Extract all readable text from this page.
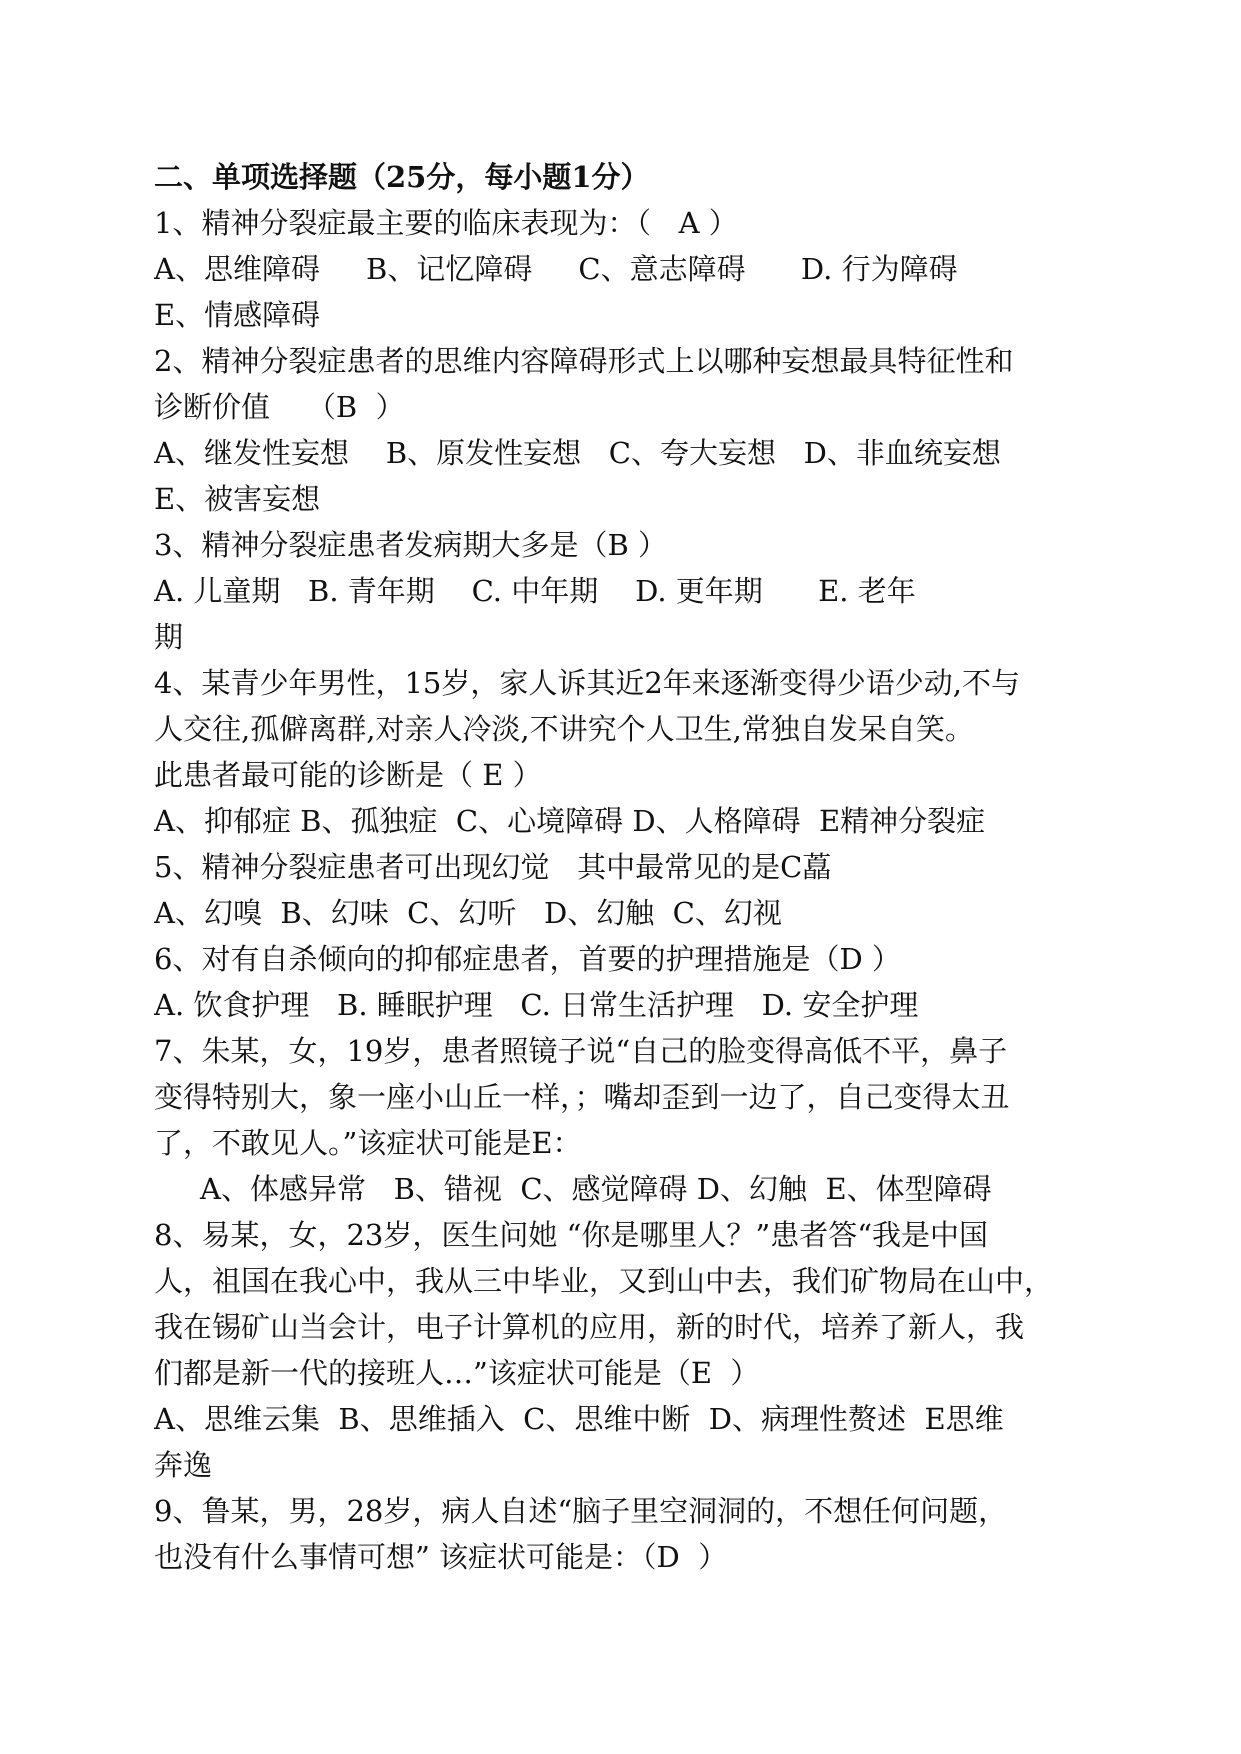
二、单项选择题（25分，每小题1分）
1、精神分裂症最主要的临床表现为：（   A ）
A、思维障碍     B、记忆障碍     C、意志障碍      D. 行为障碍
E、情感障碍
2、精神分裂症患者的思维内容障碍形式上以哪种妄想最具特征性和
诊断价值    （B  ）
A、继发性妄想    B、原发性妄想   C、夸大妄想   D、非血统妄想
E、被害妄想
3、精神分裂症患者发病期大多是（B ）
A. 儿童期   B. 青年期    C. 中年期    D. 更年期      E. 老年
期
4、某青少年男性，15岁，家人诉其近2年来逐渐变得少语少动,不与
人交往,孤僻离群,对亲人冷淡,不讲究个人卫生,常独自发呆自笑。
此患者最可能的诊断是（ E ）
A、抑郁症 B、孤独症  C、心境障碍 D、人格障碍  E精神分裂症
5、精神分裂症患者可出现幻觉   其中最常见的是C藠
A、幻嗅  B、幻味  C、幻听   D、幻触  C、幻视
6、对有自杀倾向的抑郁症患者，首要的护理措施是（D ）
A. 饮食护理   B. 睡眠护理   C. 日常生活护理   D. 安全护理
7、朱某，女，19岁，患者照镜子说“自己的脸变得高低不平，鼻子
变得特别大，象一座小山丘一样，；嘴却歪到一边了，自己变得太丑
了，不敢见人。”该症状可能是E：
A、体感异常   B、错视  C、感觉障碍 D、幻触  E、体型障碍
8、易某，女，23岁，医生问她 “你是哪里人？”患者答“我是中国
人，祖国在我心中，我从三中毕业，又到山中去，我们矿物局在山中，
我在锡矿山当会计，电子计算机的应用，新的时代，培养了新人，我
们都是新一代的接班人…”该症状可能是（E  ）
A、思维云集  B、思维插入  C、思维中断  D、病理性赘述  E思维
奔逸
9、鲁某，男，28岁，病人自述“脑子里空洞洞的，不想任何问题，
也没有什么事情可想” 该症状可能是：（D  ）
